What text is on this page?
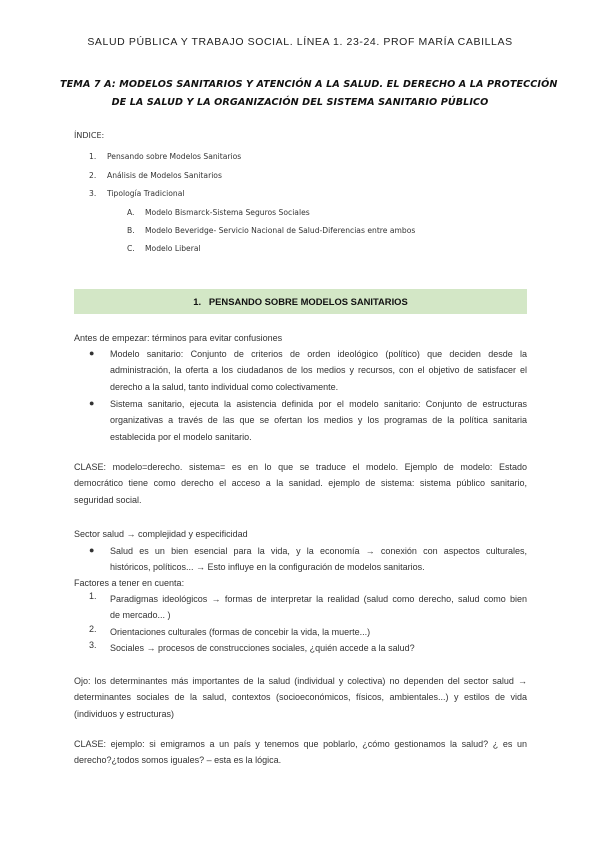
SALUD PÚBLICA Y TRABAJO SOCIAL. LÍNEA 1. 23-24. PROF MARÍA CABILLAS
TEMA 7 A: MODELOS SANITARIOS Y ATENCIÓN A LA SALUD. EL DERECHO A LA PROTECCIÓN
DE LA SALUD Y LA ORGANIZACIÓN DEL SISTEMA SANITARIO PÚBLICO
ÍNDICE:
1. Pensando sobre Modelos Sanitarios
2. Análisis de Modelos Sanitarios
3. Tipología Tradicional
A. Modelo Bismarck-Sistema Seguros Sociales
B. Modelo Beveridge- Servicio Nacional de Salud-Diferencias entre ambos
C. Modelo Liberal
1. PENSANDO SOBRE MODELOS SANITARIOS
Antes de empezar: términos para evitar confusiones
● Modelo sanitario: Conjunto de criterios de orden ideológico (político) que deciden desde la
administración, la oferta a los ciudadanos de los medios y recursos, con el objetivo de satisfacer el
derecho a la salud, tanto individual como colectivamente.
● Sistema sanitario, ejecuta la asistencia definida por el modelo sanitario: Conjunto de estructuras
organizativas a través de las que se ofertan los medios y los programas de la política sanitaria
establecida por el modelo sanitario.
CLASE: modelo=derecho. sistema= es en lo que se traduce el modelo. Ejemplo de modelo: Estado
democrático tiene como derecho el acceso a la sanidad. ejemplo de sistema: sistema público sanitario,
seguridad social.
Sector salud → complejidad y especificidad
● Salud es un bien esencial para la vida, y la economía → conexión con aspectos culturales,
históricos, políticos... → Esto influye en la configuración de modelos sanitarios.
Factores a tener en cuenta:
1. Paradigmas ideológicos → formas de interpretar la realidad (salud como derecho, salud como bien
de mercado... )
2. Orientaciones culturales (formas de concebir la vida, la muerte...)
3. Sociales → procesos de construcciones sociales, ¿quién accede a la salud?
Ojo: los determinantes más importantes de la salud (individual y colectiva) no dependen del sector salud →
determinantes sociales de la salud, contextos (socioeconómicos, físicos, ambientales...) y estilos de vida
(individuos y estructuras)
CLASE: ejemplo: si emigramos a un país y tenemos que poblarlo, ¿cómo gestionamos la salud? ¿ es un
derecho?¿todos somos iguales? – esta es la lógica.
